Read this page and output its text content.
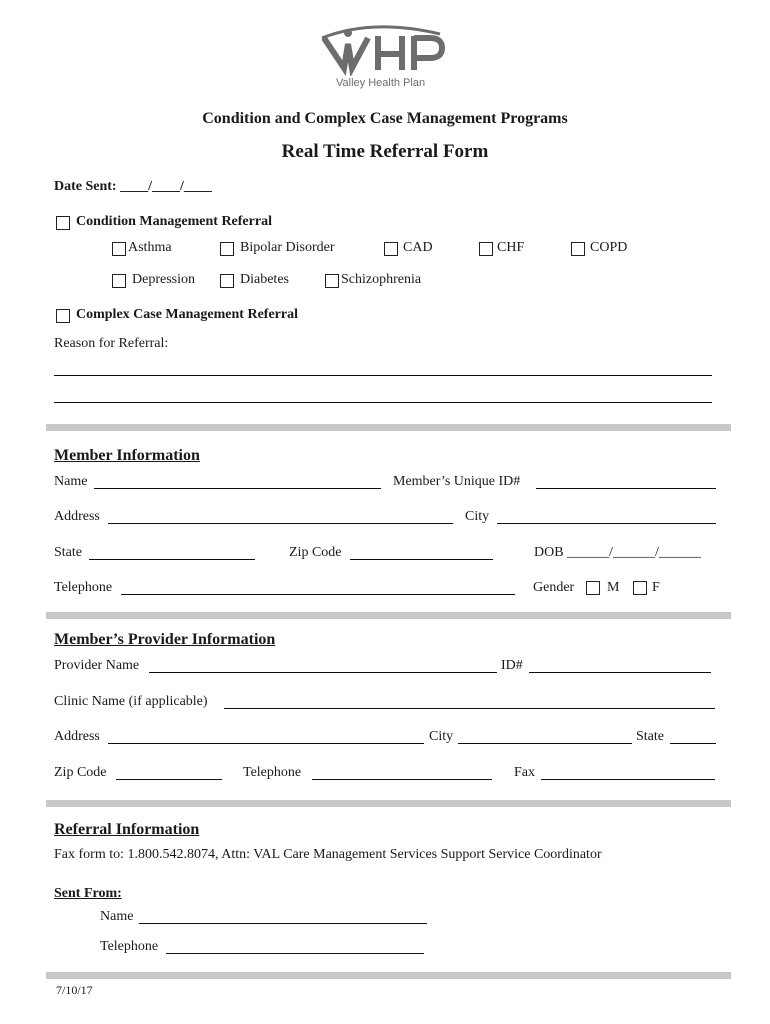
Valley Health Plan
Condition and Complex Case Management Programs
Real Time Referral Form
Date Sent: ____/____/____
Condition Management Referral
Asthma	Bipolar Disorder	CAD	CHF	COPD
Depression	Diabetes	Schizophrenia
Complex Case Management Referral
Reason for Referral:
Member Information
Name	Member’s Unique ID#
Address	City
State	Zip Code	DOB ______/______/______
Telephone	Gender M F
Member’s Provider Information
Provider Name	ID#
Clinic Name (if applicable)
Address	City	State
Zip Code	Telephone	Fax
Referral Information
Fax form to: 1.800.542.8074, Attn: VAL Care Management Services Support Service Coordinator
Sent From:
Name
Telephone
7/10/17
